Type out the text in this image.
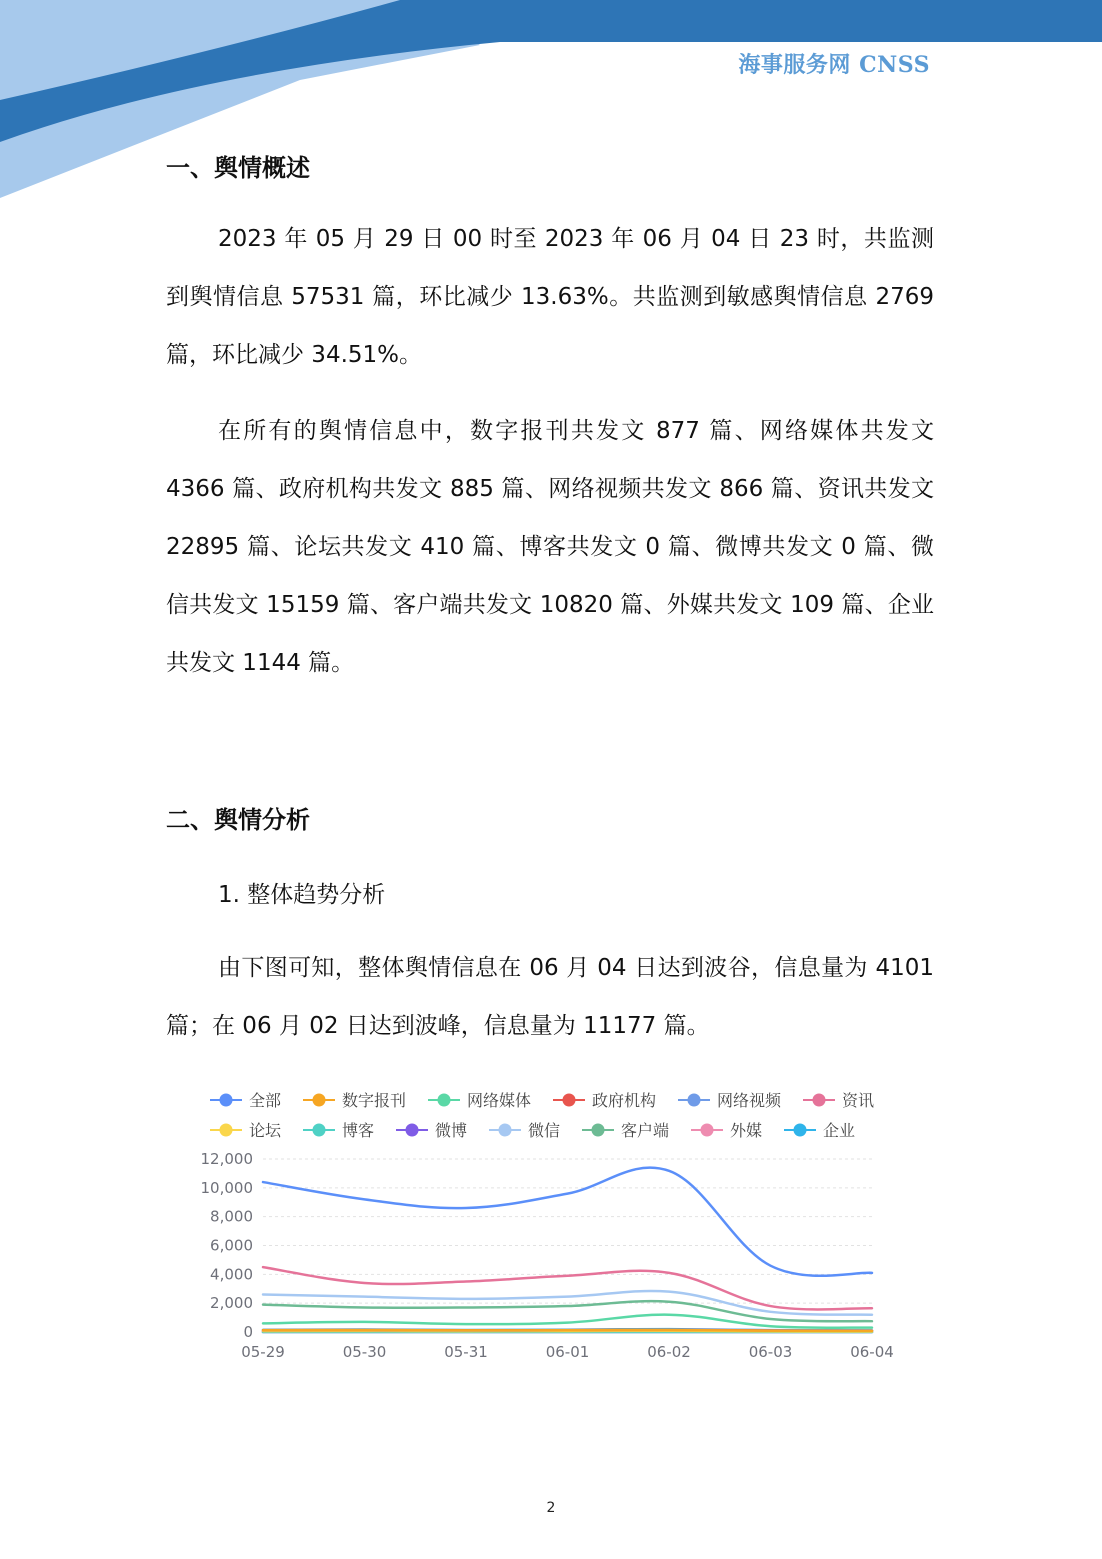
海事服务网 CNSS
一、舆情概述

2023 年 05 月 29 日 00 时至 2023 年 06 月 04 日 23 时，共监测到舆情信息 57531 篇，环比减少 13.63%。共监测到敏感舆情信息 2769 篇，环比减少 34.51%。

在所有的舆情信息中，数字报刊共发文 877 篇、网络媒体共发文 4366 篇、政府机构共发文 885 篇、网络视频共发文 866 篇、资讯共发文 22895 篇、论坛共发文 410 篇、博客共发文 0 篇、微博共发文 0 篇、微信共发文 15159 篇、客户端共发文 10820 篇、外媒共发文 109 篇、企业共发文 1144 篇。

二、舆情分析
1. 整体趋势分析

由下图可知，整体舆情信息在 06 月 04 日达到波谷，信息量为 4101 篇；在 06 月 02 日达到波峰，信息量为 11177 篇。

全部	数字报刊	网络媒体	政府机构	网络视频	资讯
论坛	博客	微博	微信	客户端	外媒	企业
0
2,000
4,000
6,000
8,000
10,000
12,000
05-29	05-30	05-31	06-01	06-02	06-03	06-04
2
